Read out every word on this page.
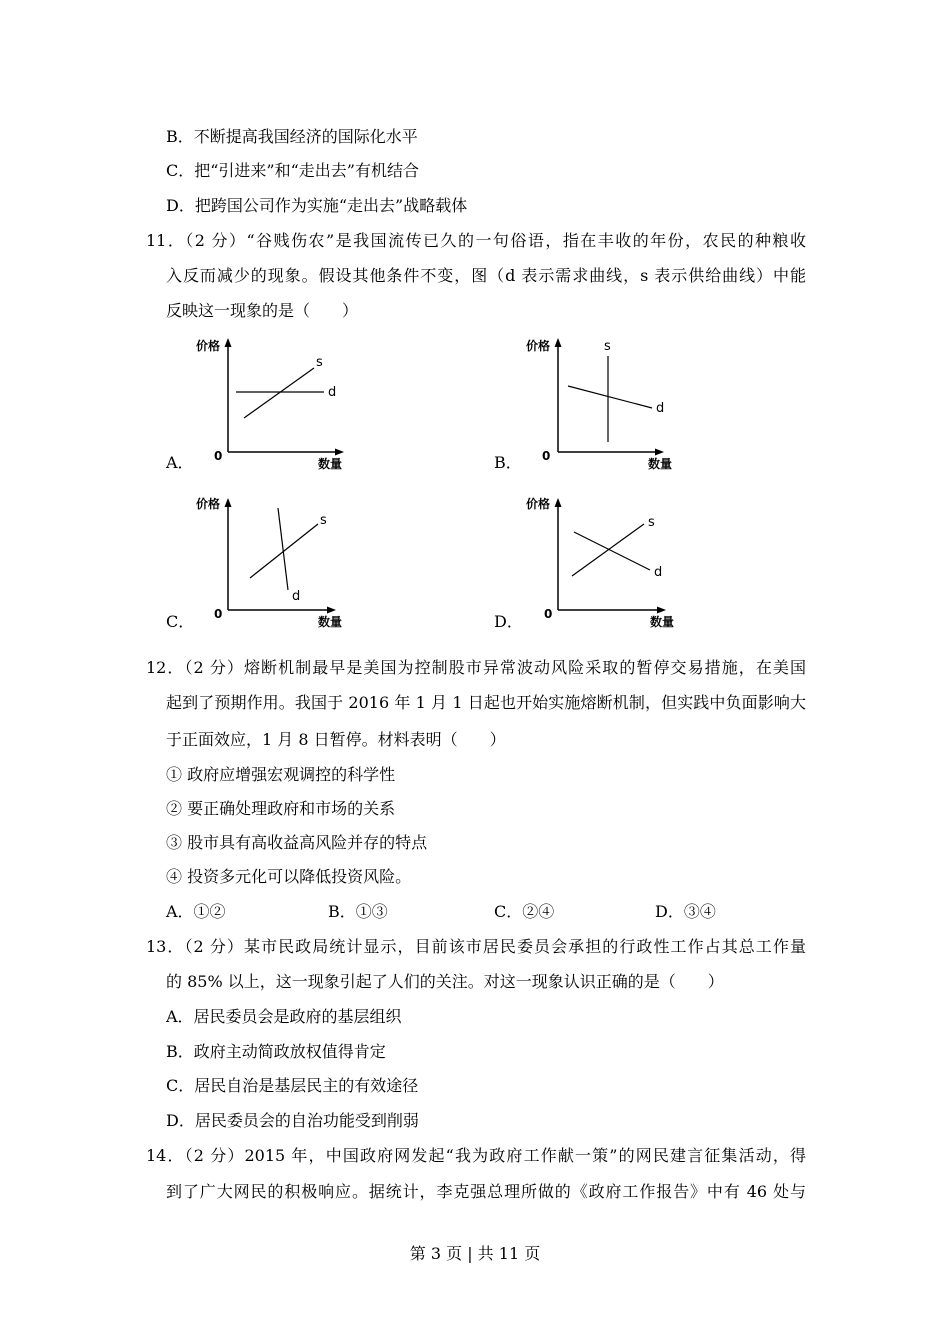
B．不断提高我国经济的国际化水平
C．把“引进来”和“走出去”有机结合
D．把跨国公司作为实施“走出去”战略载体
11．（2 分）“谷贱伤农”是我国流传已久的一句俗语，指在丰收的年份，农民的种粮收
入反而减少的现象。假设其他条件不变，图（d 表示需求曲线，s 表示供给曲线）中能
反映这一现象的是（　　）
A．
价格
数量
0
s
d
B．
价格
数量
0
s
d
C．
价格
数量
0
s
d
D．
价格
数量
0
s
d
12．（2 分）熔断机制最早是美国为控制股市异常波动风险采取的暂停交易措施，在美国
起到了预期作用。我国于 2016 年 1 月 1 日起也开始实施熔断机制，但实践中负面影响大
于正面效应，1 月 8 日暂停。材料表明（　　）
① 政府应增强宏观调控的科学性
② 要正确处理政府和市场的关系
③ 股市具有高收益高风险并存的特点
④ 投资多元化可以降低投资风险。
A．①②	B．①③	C．②④	D．③④
13．（2 分）某市民政局统计显示，目前该市居民委员会承担的行政性工作占其总工作量
的 85% 以上，这一现象引起了人们的关注。对这一现象认识正确的是（　　）
A．居民委员会是政府的基层组织
B．政府主动简政放权值得肯定
C．居民自治是基层民主的有效途径
D．居民委员会的自治功能受到削弱
14．（2 分）2015 年，中国政府网发起“我为政府工作献一策”的网民建言征集活动，得
到了广大网民的积极响应。据统计，李克强总理所做的《政府工作报告》中有 46 处与
第 3 页 | 共 11 页
